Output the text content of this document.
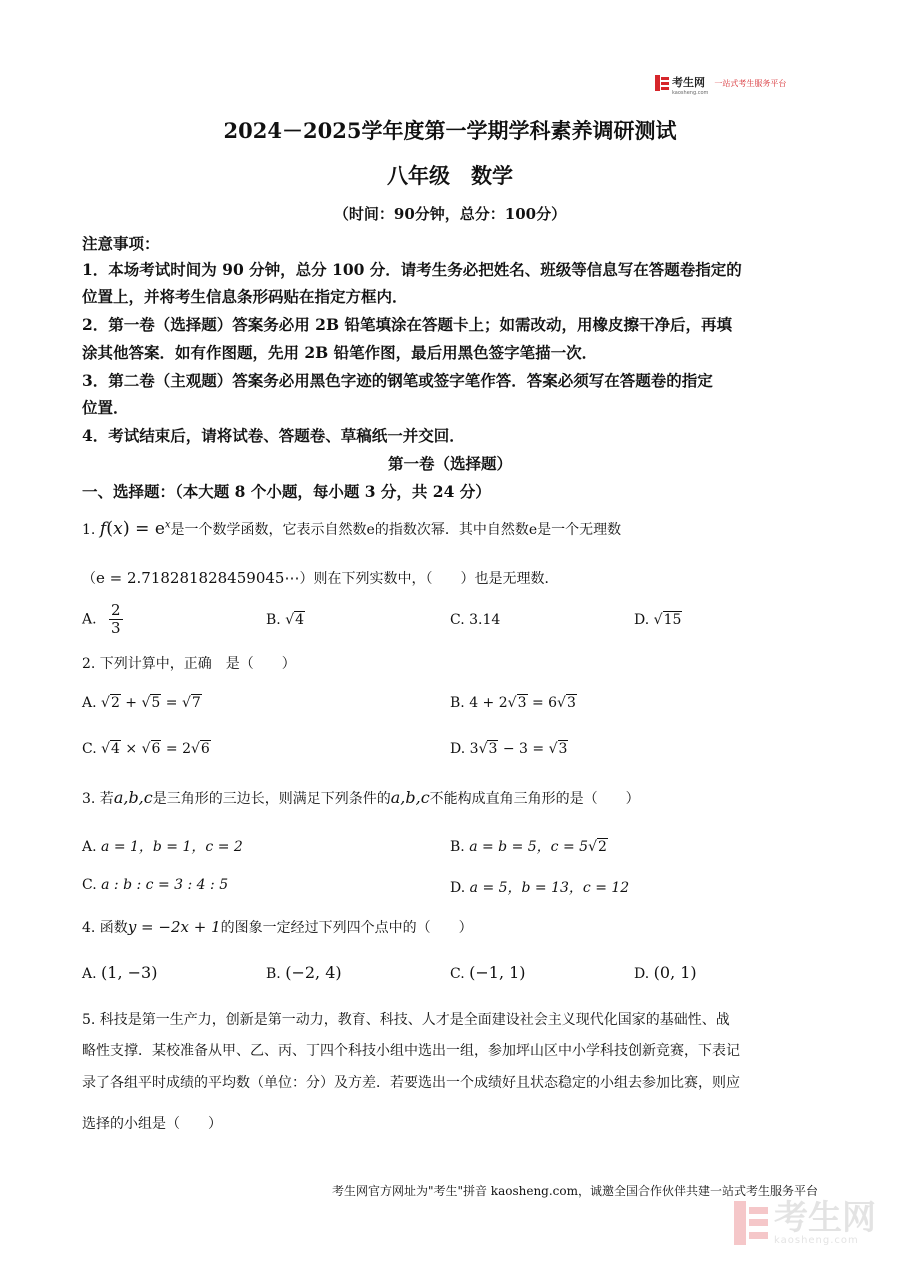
考生网
kaosheng.com
一站式考生服务平台
2024－2025学年度第一学期学科素养调研测试
八年级　数学
（时间：90分钟，总分：100分）
注意事项：
1．本场考试时间为 90 分钟，总分 100 分．请考生务必把姓名、班级等信息写在答题卷指定的
位置上，并将考生信息条形码贴在指定方框内．
2．第一卷（选择题）答案务必用 2B 铅笔填涂在答题卡上；如需改动，用橡皮擦干净后，再填
涂其他答案．如有作图题，先用 2B 铅笔作图，最后用黑色签字笔描一次．
3．第二卷（主观题）答案务必用黑色字迹的钢笔或签字笔作答．答案必须写在答题卷的指定
位置．
4．考试结束后，请将试卷、答题卷、草稿纸一并交回．
第一卷（选择题）
一、选择题：（本大题 8 个小题，每小题 3 分，共 24 分）
1. $f(x) = e^x$是一个数学函数，它表示自然数e的指数次幂．其中自然数e是一个无理数
（e = 2.718281828459045⋯）则在下列实数中，（　　）也是无理数．
A. $\frac{2}{3}$	B. √4	C. 3.14	D. √15
2. 下列计算中，正确　是（　　）
A. √2 + √5 = √7	B. 4 + 2√3 = 6√3
C. √4 × √6 = 2√6	D. 3√3 − 3 = √3
3. 若a,b,c是三角形的三边长，则满足下列条件的a,b,c不能构成直角三角形的是（　　）
A. a = 1，b = 1，c = 2	B. a = b = 5，c = 5√2
C. a : b : c = 3 : 4 : 5	D. a = 5，b = 13，c = 12
4. 函数y = −2x + 1的图象一定经过下列四个点中的（　　）
A. (1, −3)	B. (−2, 4)	C. (−1, 1)	D. (0, 1)
5. 科技是第一生产力，创新是第一动力，教育、科技、人才是全面建设社会主义现代化国家的基础性、战
略性支撑．某校准备从甲、乙、丙、丁四个科技小组中选出一组，参加坪山区中小学科技创新竞赛，下表记
录了各组平时成绩的平均数（单位：分）及方差．若要选出一个成绩好且状态稳定的小组去参加比赛，则应
选择的小组是（　　）
考生网官方网址为"考生"拼音 kaosheng.com，诚邀全国合作伙伴共建一站式考生服务平台
考生网
kaosheng.com
